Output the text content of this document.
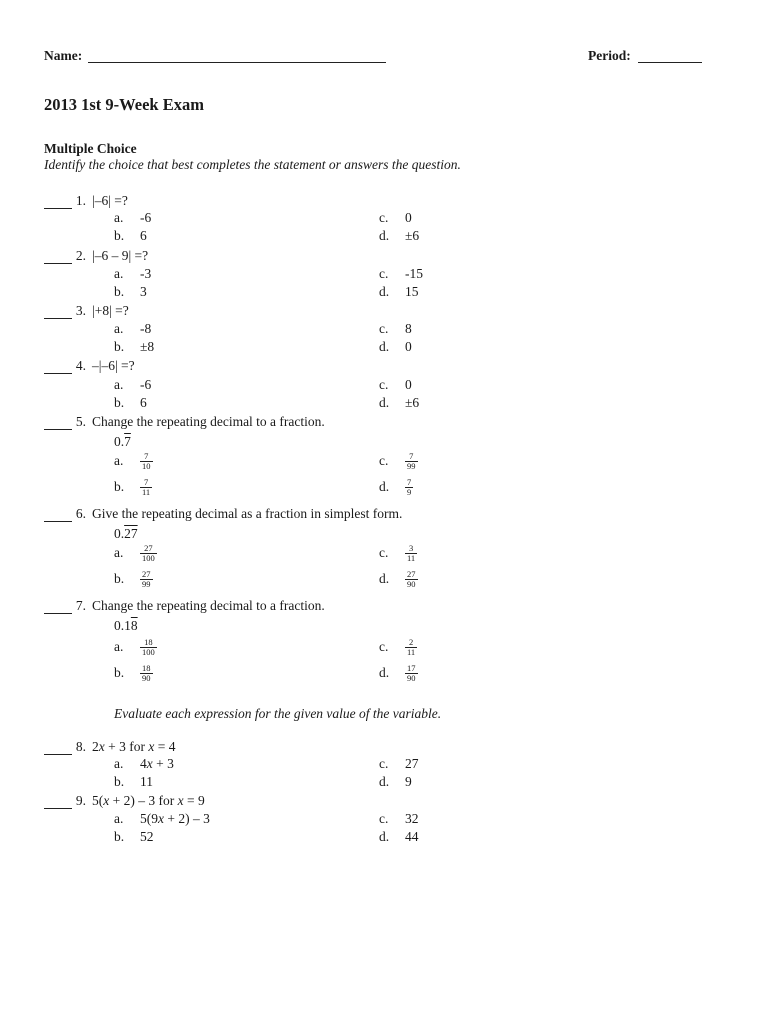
Name:	Period:
2013 1st 9-Week Exam
Multiple Choice
Identify the choice that best completes the statement or answers the question.
1. |–6| =?
a. -6
b. 6
c. 0
d. ±6
2. |–6 – 9| =?
a. -3
b. 3
c. -15
d. 15
3. |+8| =?
a. -8
b. ±8
c. 8
d. 0
4. –|–6| =?
a. -6
b. 6
c. 0
d. ±6
5. Change the repeating decimal to a fraction.
0.7
a. $\frac{7}{10}$
b. $\frac{7}{11}$
c. $\frac{7}{99}$
d. $\frac{7}{9}$
6. Give the repeating decimal as a fraction in simplest form.
0.27
a. $\frac{27}{100}$
b. $\frac{27}{99}$
c. $\frac{3}{11}$
d. $\frac{27}{90}$
7. Change the repeating decimal to a fraction.
0.18
a. $\frac{18}{100}$
b. $\frac{18}{90}$
c. $\frac{2}{11}$
d. $\frac{17}{90}$
Evaluate each expression for the given value of the variable.
8. 2x + 3 for x = 4
a. 4x + 3
b. 11
c. 27
d. 9
9. 5(x + 2) – 3 for x = 9
a. 5(9x + 2) – 3
b. 52
c. 32
d. 44
